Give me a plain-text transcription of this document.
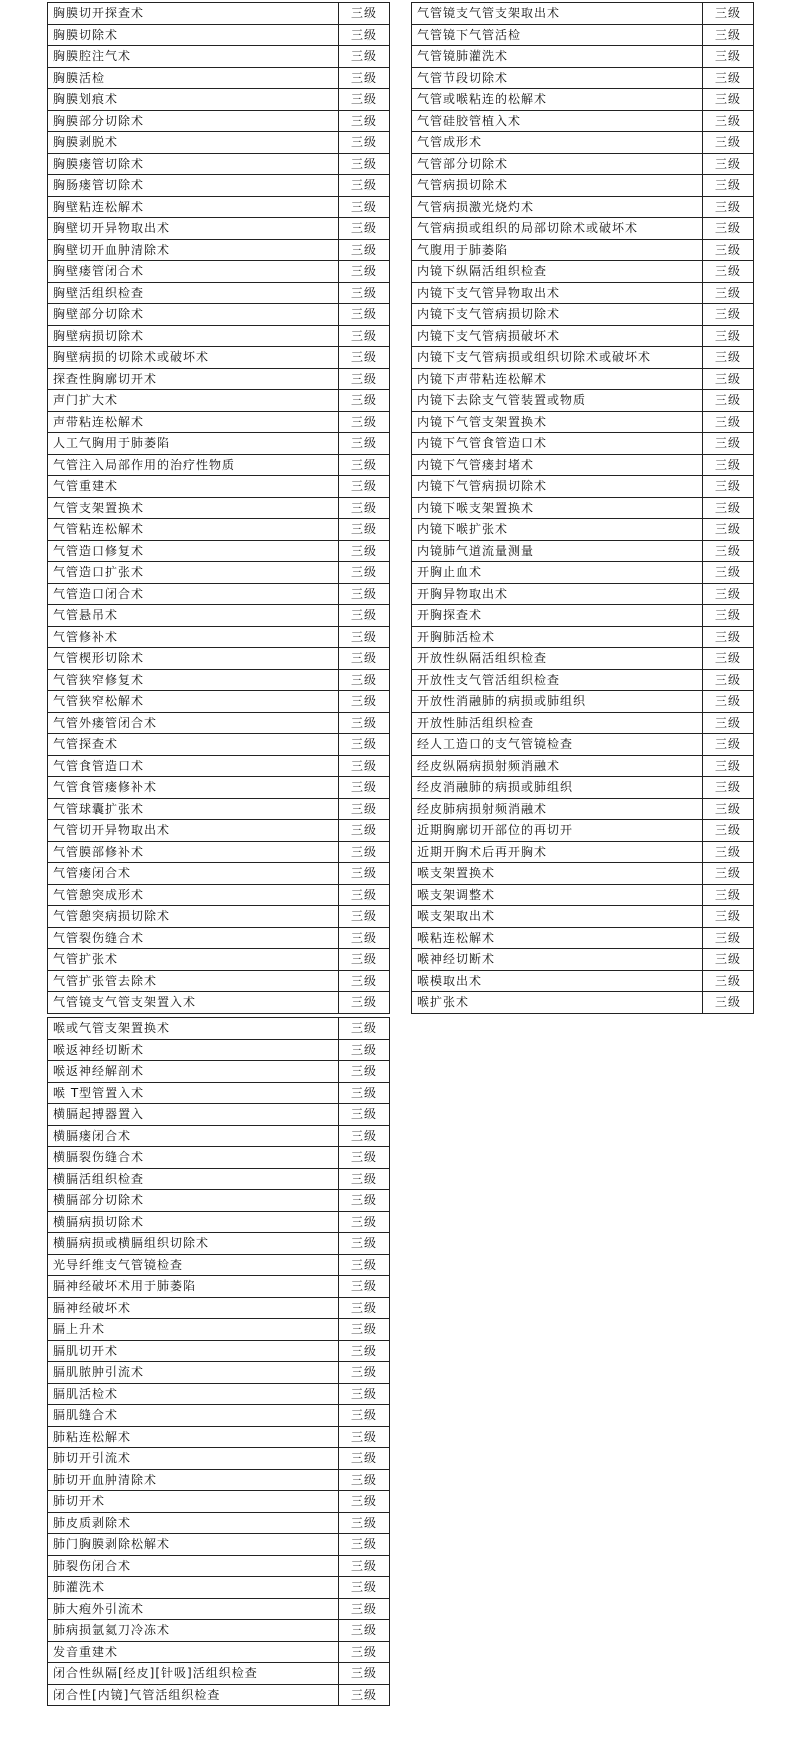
胸膜切开探查术	三级
胸膜切除术	三级
胸膜腔注气术	三级
胸膜活检	三级
胸膜划痕术	三级
胸膜部分切除术	三级
胸膜剥脱术	三级
胸膜瘘管切除术	三级
胸肠瘘管切除术	三级
胸壁粘连松解术	三级
胸壁切开异物取出术	三级
胸壁切开血肿清除术	三级
胸壁瘘管闭合术	三级
胸壁活组织检查	三级
胸壁部分切除术	三级
胸壁病损切除术	三级
胸壁病损的切除术或破坏术	三级
探查性胸廓切开术	三级
声门扩大术	三级
声带粘连松解术	三级
人工气胸用于肺萎陷	三级
气管注入局部作用的治疗性物质	三级
气管重建术	三级
气管支架置换术	三级
气管粘连松解术	三级
气管造口修复术	三级
气管造口扩张术	三级
气管造口闭合术	三级
气管悬吊术	三级
气管修补术	三级
气管楔形切除术	三级
气管狭窄修复术	三级
气管狭窄松解术	三级
气管外瘘管闭合术	三级
气管探查术	三级
气管食管造口术	三级
气管食管瘘修补术	三级
气管球囊扩张术	三级
气管切开异物取出术	三级
气管膜部修补术	三级
气管瘘闭合术	三级
气管憩突成形术	三级
气管憩突病损切除术	三级
气管裂伤缝合术	三级
气管扩张术	三级
气管扩张管去除术	三级
气管镜支气管支架置入术	三级
气管镜支气管支架取出术	三级
气管镜下气管活检	三级
气管镜肺灌洗术	三级
气管节段切除术	三级
气管或喉粘连的松解术	三级
气管硅胶管植入术	三级
气管成形术	三级
气管部分切除术	三级
气管病损切除术	三级
气管病损激光烧灼术	三级
气管病损或组织的局部切除术或破坏术	三级
气腹用于肺萎陷	三级
内镜下纵隔活组织检查	三级
内镜下支气管异物取出术	三级
内镜下支气管病损切除术	三级
内镜下支气管病损破坏术	三级
内镜下支气管病损或组织切除术或破坏术	三级
内镜下声带粘连松解术	三级
内镜下去除支气管装置或物质	三级
内镜下气管支架置换术	三级
内镜下气管食管造口术	三级
内镜下气管瘘封堵术	三级
内镜下气管病损切除术	三级
内镜下喉支架置换术	三级
内镜下喉扩张术	三级
内镜肺气道流量测量	三级
开胸止血术	三级
开胸异物取出术	三级
开胸探查术	三级
开胸肺活检术	三级
开放性纵隔活组织检查	三级
开放性支气管活组织检查	三级
开放性消融肺的病损或肺组织	三级
开放性肺活组织检查	三级
经人工造口的支气管镜检查	三级
经皮纵隔病损射频消融术	三级
经皮消融肺的病损或肺组织	三级
经皮肺病损射频消融术	三级
近期胸廓切开部位的再切开	三级
近期开胸术后再开胸术	三级
喉支架置换术	三级
喉支架调整术	三级
喉支架取出术	三级
喉粘连松解术	三级
喉神经切断术	三级
喉模取出术	三级
喉扩张术	三级
喉或气管支架置换术	三级
喉返神经切断术	三级
喉返神经解剖术	三级
喉 T型管置入术	三级
横膈起搏器置入	三级
横膈瘘闭合术	三级
横膈裂伤缝合术	三级
横膈活组织检查	三级
横膈部分切除术	三级
横膈病损切除术	三级
横膈病损或横膈组织切除术	三级
光导纤维支气管镜检查	三级
膈神经破坏术用于肺萎陷	三级
膈神经破坏术	三级
膈上升术	三级
膈肌切开术	三级
膈肌脓肿引流术	三级
膈肌活检术	三级
膈肌缝合术	三级
肺粘连松解术	三级
肺切开引流术	三级
肺切开血肿清除术	三级
肺切开术	三级
肺皮质剥除术	三级
肺门胸膜剥除松解术	三级
肺裂伤闭合术	三级
肺灌洗术	三级
肺大疱外引流术	三级
肺病损氩氦刀冷冻术	三级
发音重建术	三级
闭合性纵隔[经皮][针吸]活组织检查	三级
闭合性[内镜]气管活组织检查	三级
